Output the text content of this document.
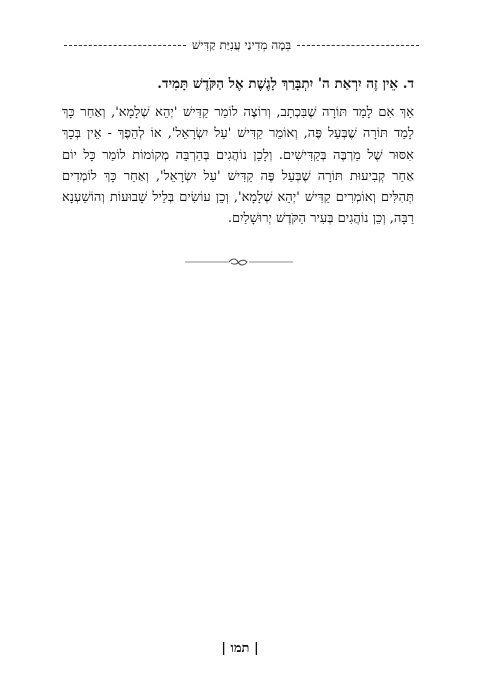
בְּמָה מְדִינַי עֲנִיַּת קַדִּישׁ
ד. אֵין זֶה יִרְאַת ה' יִתְבָּרַךְ לָגֶשֶׁת אֶל הַקֹּדֶשׁ תָּמִיד.

אַךְ אִם לָמַד תּוֹרָה שֶׁבִּכְתָב, וְרוֹצֶה לוֹמַר קַדִּישׁ 'יְהֵא שְׁלָמָא', וְאַחַר כָּךְ לָמַד תּוֹרָה שֶׁבְּעַל פֶּה, וְאוֹמֵר קַדִּישׁ 'עַל יִשְׂרָאֵל', אוֹ לְהֵפֶךְ - אֵין בְּכָךְ אִסּוּר שֶׁל מַרְבֶּה בְּקַדִּישִׁים. וְלָכֵן נוֹהֲגִים בְּהַרְבֵּה מְקוֹמוֹת לוֹמַר כָּל יוֹם אַחַר קְבִיעוּת תּוֹרָה שֶׁבְּעַל פֶּה קַדִּישׁ 'עַל יִשְׂרָאֵל', וְאַחַר כָּךְ לוֹמְדִים תְּהִלִּים וְאוֹמְרִים קַדִּישׁ 'יְהֵא שְׁלָמָא', וְכֵן עוֹשִׂים בְּלֵיל שָׁבוּעוֹת וְהוֹשַׁעְנָא רַבָּה, וְכֵן נוֹהֲגִים בְּעִיר הַקֹּדֶשׁ יְרוּשָׁלַיִם.

| תמו |
